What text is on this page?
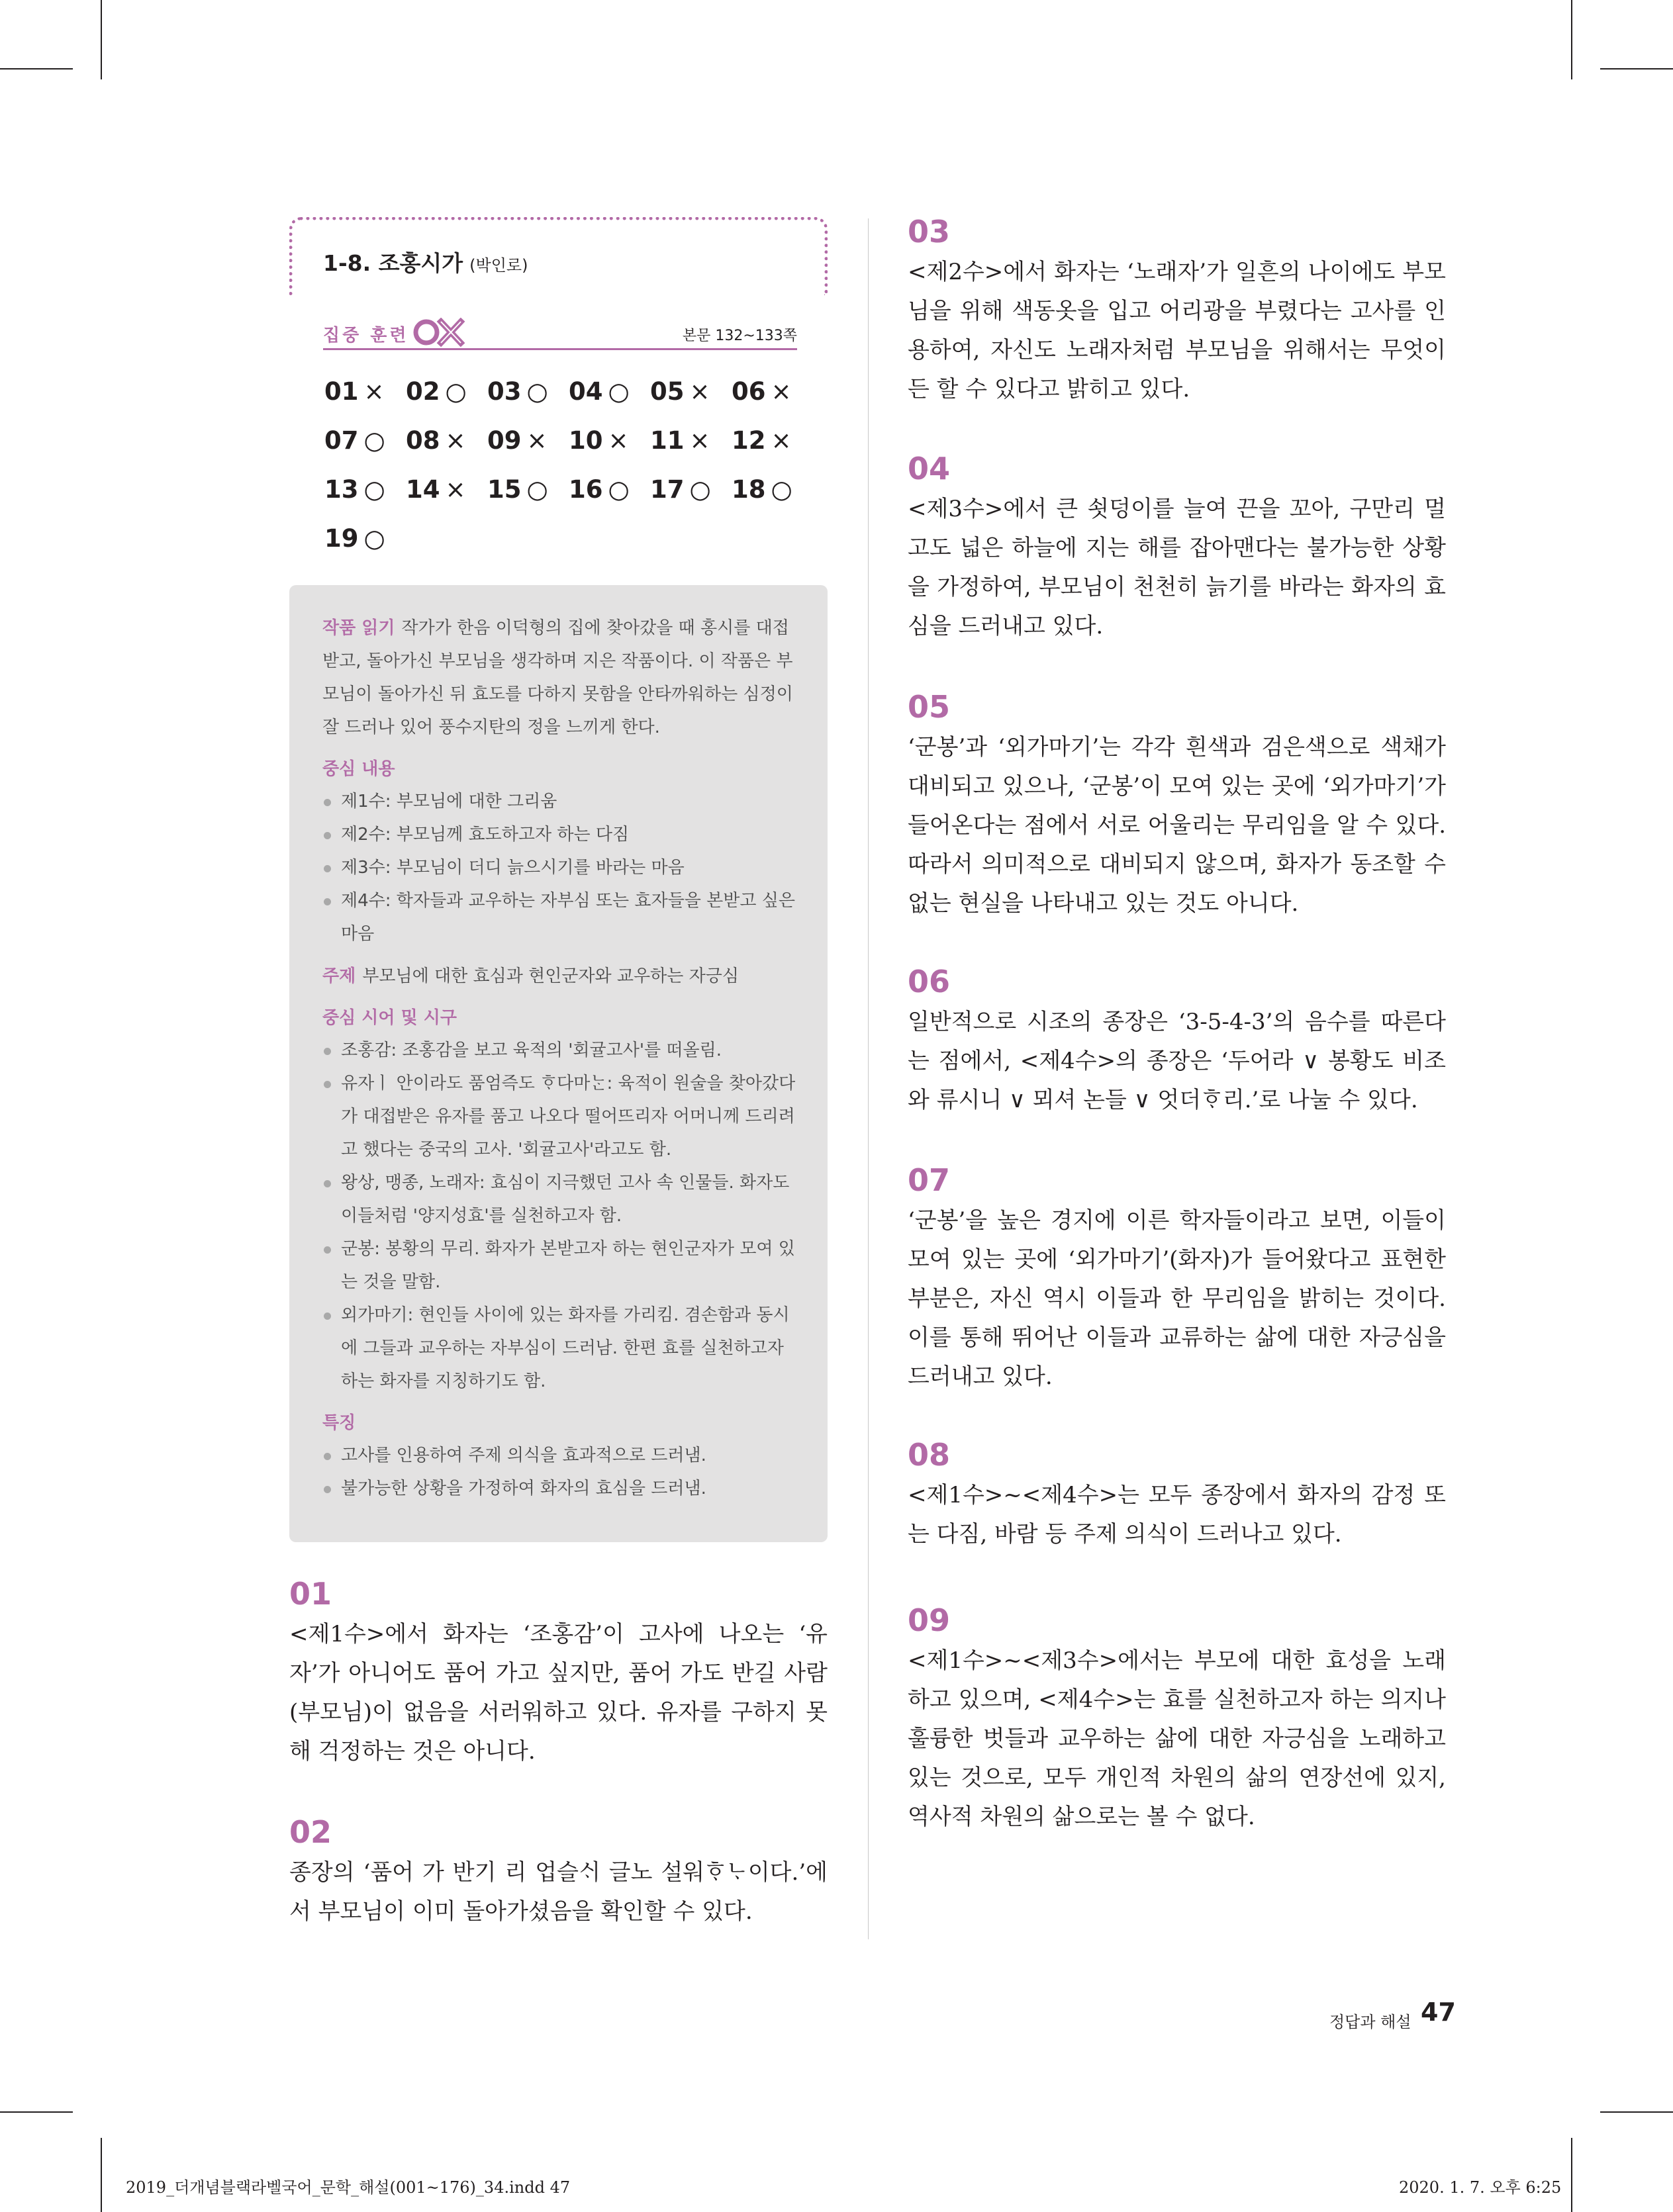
1-8. 조홍시가 (박인로)
집중 훈련	본문 132~133쪽
01 × 02 ○ 03 ○ 04 ○ 05 × 06 ×
07 ○ 08 × 09 × 10 × 11 × 12 ×
13 ○ 14 × 15 ○ 16 ○ 17 ○ 18 ○
19 ○

작품 읽기 작가가 한음 이덕형의 집에 찾아갔을 때 홍시를 대접받고, 돌아가신 부모님을 생각하며 지은 작품이다. 이 작품은 부모님이 돌아가신 뒤 효도를 다하지 못함을 안타까워하는 심정이 잘 드러나 있어 풍수지탄의 정을 느끼게 한다.

중심 내용

제1수: 부모님에 대한 그리움
제2수: 부모님께 효도하고자 하는 다짐
제3수: 부모님이 더디 늙으시기를 바라는 마음
제4수: 학자들과 교우하는 자부심 또는 효자들을 본받고 싶은 마음

주제 부모님에 대한 효심과 현인군자와 교우하는 자긍심

중심 시어 및 시구

조홍감: 조홍감을 보고 육적의 '회귤고사'를 떠올림.
유자ㅣ 안이라도 품엄즉도 ᄒᆞ다마ᄂᆞᆫ: 육적이 원술을 찾아갔다가 대접받은 유자를 품고 나오다 떨어뜨리자 어머니께 드리려고 했다는 중국의 고사. '회귤고사'라고도 함.
왕상, 맹종, 노래자: 효심이 지극했던 고사 속 인물들. 화자도 이들처럼 '양지성효'를 실천하고자 함.
군봉: 봉황의 무리. 화자가 본받고자 하는 현인군자가 모여 있는 것을 말함.
외가마기: 현인들 사이에 있는 화자를 가리킴. 겸손함과 동시에 그들과 교우하는 자부심이 드러남. 한편 효를 실천하고자 하는 화자를 지칭하기도 함.

특징

고사를 인용하여 주제 의식을 효과적으로 드러냄.
불가능한 상황을 가정하여 화자의 효심을 드러냄.
01
<제1수>에서 화자는 ‘조홍감’이 고사에 나오는 ‘유자’가 아니어도 품어 가고 싶지만, 품어 가도 반길 사람(부모님)이 없음을 서러워하고 있다. 유자를 구하지 못해 걱정하는 것은 아니다.
02
종장의 ‘품어 가 반기 리 업슬ᄉᆡ 글노 설워ᄒᆞᄂᆞ이다.’에서 부모님이 이미 돌아가셨음을 확인할 수 있다.
03
<제2수>에서 화자는 ‘노래자’가 일흔의 나이에도 부모님을 위해 색동옷을 입고 어리광을 부렸다는 고사를 인용하여, 자신도 노래자처럼 부모님을 위해서는 무엇이든 할 수 있다고 밝히고 있다.
04
<제3수>에서 큰 쇳덩이를 늘여 끈을 꼬아, 구만리 멀고도 넓은 하늘에 지는 해를 잡아맨다는 불가능한 상황을 가정하여, 부모님이 천천히 늙기를 바라는 화자의 효심을 드러내고 있다.
05
‘군봉’과 ‘외가마기’는 각각 흰색과 검은색으로 색채가 대비되고 있으나, ‘군봉’이 모여 있는 곳에 ‘외가마기’가 들어온다는 점에서 서로 어울리는 무리임을 알 수 있다. 따라서 의미적으로 대비되지 않으며, 화자가 동조할 수 없는 현실을 나타내고 있는 것도 아니다.
06
일반적으로 시조의 종장은 ‘3-5-4-3’의 음수를 따른다는 점에서, <제4수>의 종장은 ‘두어라 ∨ 봉황도 비조와 류시니 ∨ 뫼셔 논들 ∨ 엇더ᄒᆞ리.’로 나눌 수 있다.
07
‘군봉’을 높은 경지에 이른 학자들이라고 보면, 이들이 모여 있는 곳에 ‘외가마기’(화자)가 들어왔다고 표현한 부분은, 자신 역시 이들과 한 무리임을 밝히는 것이다. 이를 통해 뛰어난 이들과 교류하는 삶에 대한 자긍심을 드러내고 있다.
08
<제1수>~<제4수>는 모두 종장에서 화자의 감정 또는 다짐, 바람 등 주제 의식이 드러나고 있다.
09
<제1수>~<제3수>에서는 부모에 대한 효성을 노래하고 있으며, <제4수>는 효를 실천하고자 하는 의지나 훌륭한 벗들과 교우하는 삶에 대한 자긍심을 노래하고 있는 것으로, 모두 개인적 차원의 삶의 연장선에 있지, 역사적 차원의 삶으로는 볼 수 없다.
정답과 해설 47
2019_더개념블랙라벨국어_문학_해설(001~176)_34.indd 47	2020. 1. 7. 오후 6:25
